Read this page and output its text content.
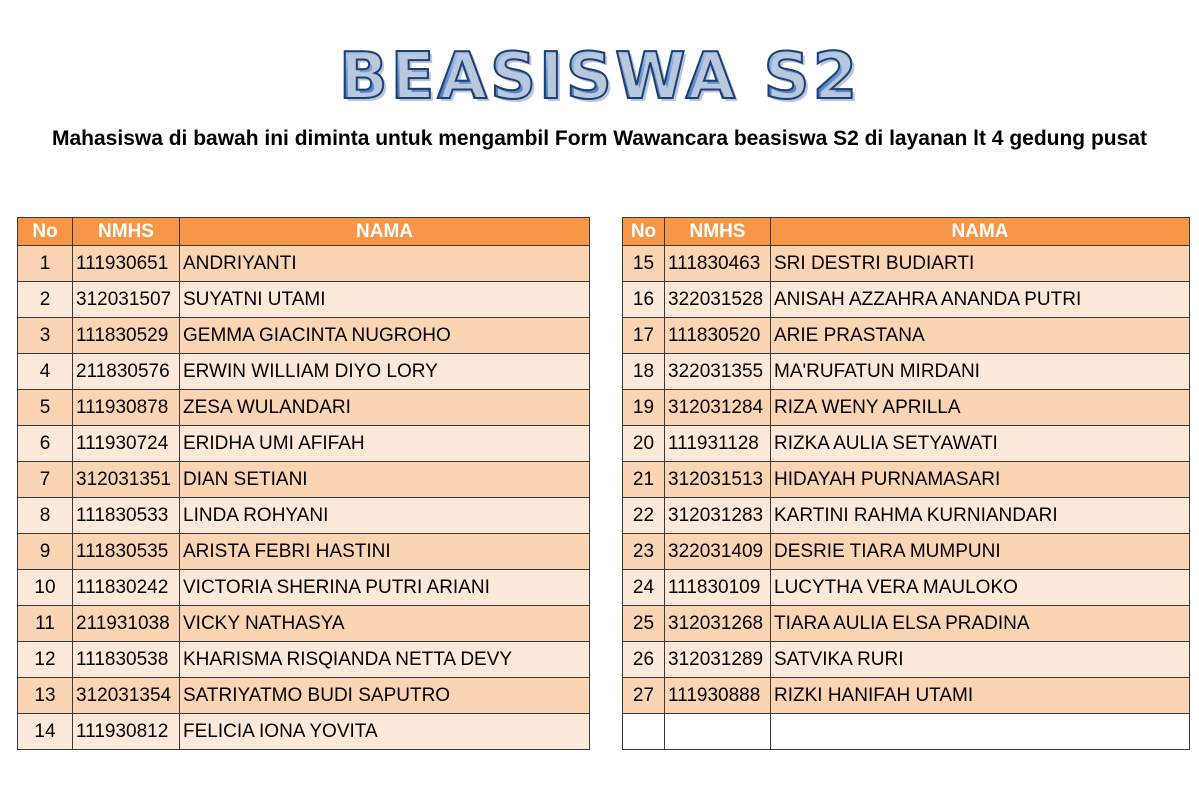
BEASISWA S2
Mahasiswa di bawah ini diminta untuk mengambil Form Wawancara beasiswa S2 di layanan lt 4 gedung pusat
No	NMHS	NAMA
1	111930651	ANDRIYANTI
2	312031507	SUYATNI UTAMI
3	111830529	GEMMA GIACINTA NUGROHO
4	211830576	ERWIN WILLIAM DIYO LORY
5	111930878	ZESA WULANDARI
6	111930724	ERIDHA UMI AFIFAH
7	312031351	DIAN SETIANI
8	111830533	LINDA ROHYANI
9	111830535	ARISTA FEBRI HASTINI
10	111830242	VICTORIA SHERINA PUTRI ARIANI
11	211931038	VICKY NATHASYA
12	111830538	KHARISMA RISQIANDA NETTA DEVY
13	312031354	SATRIYATMO BUDI SAPUTRO
14	111930812	FELICIA IONA YOVITA
No	NMHS	NAMA
15	111830463	SRI DESTRI BUDIARTI
16	322031528	ANISAH AZZAHRA ANANDA PUTRI
17	111830520	ARIE PRASTANA
18	322031355	MA'RUFATUN MIRDANI
19	312031284	RIZA WENY APRILLA
20	111931128	RIZKA AULIA SETYAWATI
21	312031513	HIDAYAH PURNAMASARI
22	312031283	KARTINI RAHMA KURNIANDARI
23	322031409	DESRIE TIARA MUMPUNI
24	111830109	LUCYTHA VERA MAULOKO
25	312031268	TIARA AULIA ELSA PRADINA
26	312031289	SATVIKA RURI
27	111930888	RIZKI HANIFAH UTAMI
